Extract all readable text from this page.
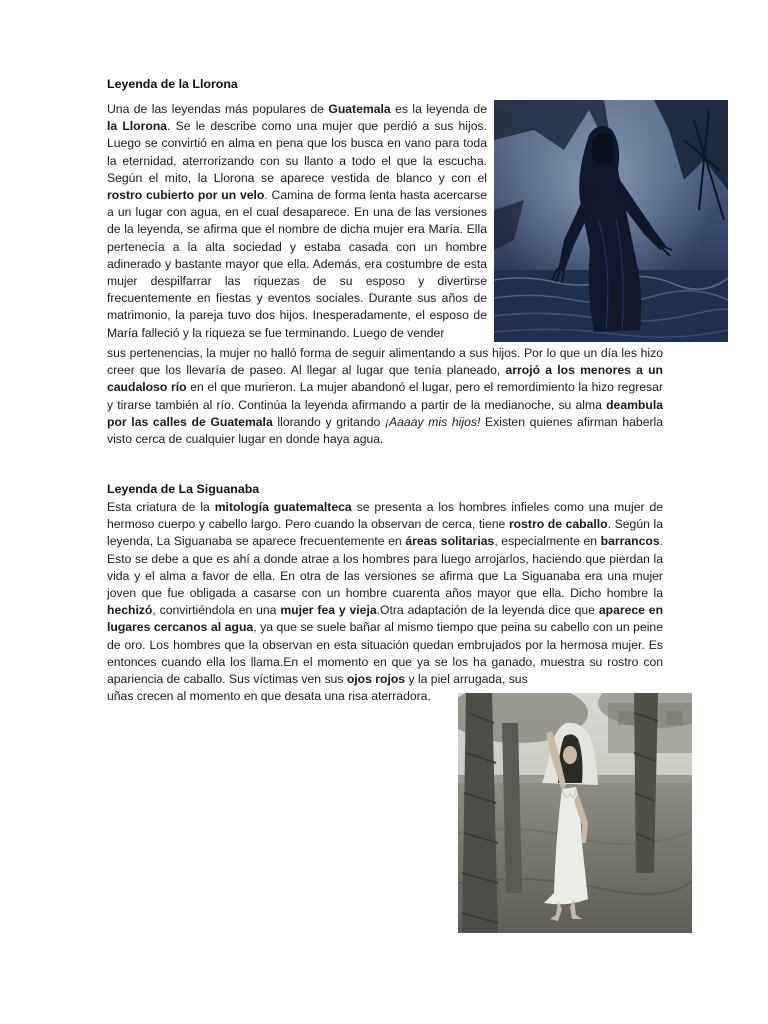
Leyenda de la Llorona

Una de las leyendas más populares de Guatemala es la leyenda de la Llorona. Se le describe como una mujer que perdió a sus hijos. Luego se convirtió en alma en pena que los busca en vano para toda la eternidad, aterrorizando con su llanto a todo el que la escucha. Según el mito, la Llorona se aparece vestida de blanco y con el rostro cubierto por un velo. Camina de forma lenta hasta acercarse a un lugar con agua, en el cual desaparece. En una de las versiones de la leyenda, se afirma que el nombre de dicha mujer era María. Ella pertenecía a la alta sociedad y estaba casada con un hombre adinerado y bastante mayor que ella. Además, era costumbre de esta mujer despilfarrar las riquezas de su esposo y divertirse frecuentemente en fiestas y eventos sociales. Durante sus años de matrimonio, la pareja tuvo dos hijos. Inesperadamente, el esposo de María falleció y la riqueza se fue terminando. Luego de vender

sus pertenencias, la mujer no halló forma de seguir alimentando a sus hijos. Por lo que un día les hizo creer que los llevaría de paseo. Al llegar al lugar que tenía planeado, arrojó a los menores a un caudaloso río en el que murieron. La mujer abandonó el lugar, pero el remordimiento la hizo regresar y tirarse también al río. Continúa la leyenda afirmando a partir de la medianoche, su alma deambula por las calles de Guatemala llorando y gritando ¡Aaaay mis hijos! Existen quienes afirman haberla visto cerca de cualquier lugar en donde haya agua.

Leyenda de La Siguanaba

Esta criatura de la mitología guatemalteca se presenta a los hombres infieles como una mujer de hermoso cuerpo y cabello largo. Pero cuando la observan de cerca, tiene rostro de caballo. Según la leyenda, La Siguanaba se aparece frecuentemente en áreas solitarias, especialmente en barrancos. Esto se debe a que es ahí a donde atrae a los hombres para luego arrojarlos, haciendo que pierdan la vida y el alma a favor de ella. En otra de las versiones se afirma que La Siguanaba era una mujer joven que fue obligada a casarse con un hombre cuarenta años mayor que ella. Dicho hombre la hechizó, convirtiéndola en una mujer fea y vieja.Otra adaptación de la leyenda dice que aparece en lugares cercanos al agua, ya que se suele bañar al mismo tiempo que peina su cabello con un peine de oro. Los hombres que la observan en esta situación quedan embrujados por la hermosa mujer. Es entonces cuando ella los llama.En el momento en que ya se los ha ganado, muestra su rostro con apariencia de caballo. Sus víctimas ven sus ojos rojos y la piel arrugada, sus

uñas crecen al momento en que desata una risa aterradora.
